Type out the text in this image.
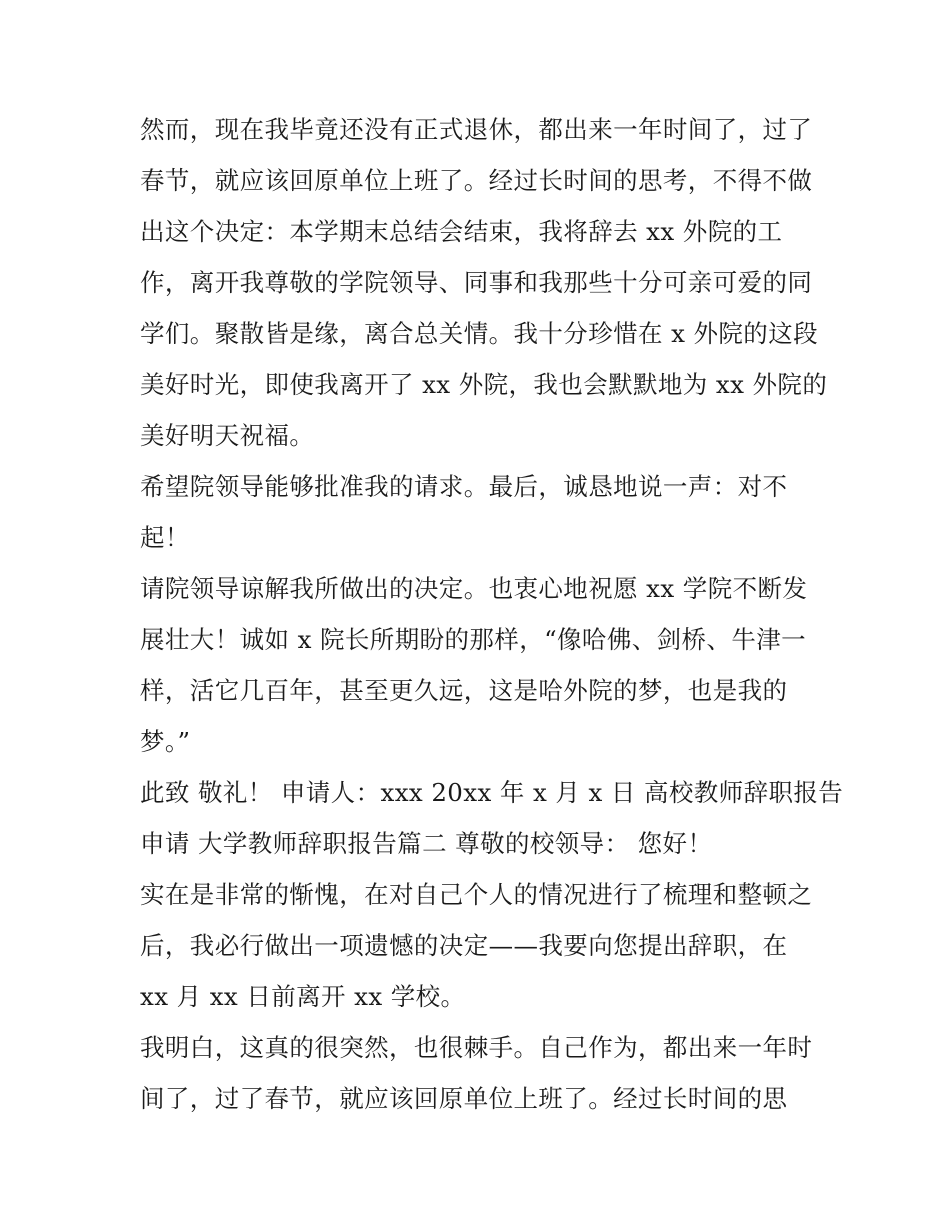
然而，现在我毕竟还没有正式退休，都出来一年时间了，过了
春节，就应该回原单位上班了。经过长时间的思考，不得不做
出这个决定：本学期末总结会结束，我将辞去 xx 外院的工
作，离开我尊敬的学院领导、同事和我那些十分可亲可爱的同
学们。聚散皆是缘，离合总关情。我十分珍惜在 x 外院的这段
美好时光，即使我离开了 xx 外院，我也会默默地为 xx 外院的
美好明天祝福。
希望院领导能够批准我的请求。最后，诚恳地说一声：对不
起！
请院领导谅解我所做出的决定。也衷心地祝愿 xx 学院不断发
展壮大！诚如 x 院长所期盼的那样，“像哈佛、剑桥、牛津一
样，活它几百年，甚至更久远，这是哈外院的梦，也是我的
梦。”
此致 敬礼！ 申请人：xxx 20xx 年 x 月 x 日 高校教师辞职报告
申请 大学教师辞职报告篇二 尊敬的校领导： 您好！
实在是非常的惭愧，在对自己个人的情况进行了梳理和整顿之
后，我必行做出一项遗憾的决定——我要向您提出辞职，在
xx 月 xx 日前离开 xx 学校。
我明白，这真的很突然，也很棘手。自己作为，都出来一年时
间了，过了春节，就应该回原单位上班了。经过长时间的思
